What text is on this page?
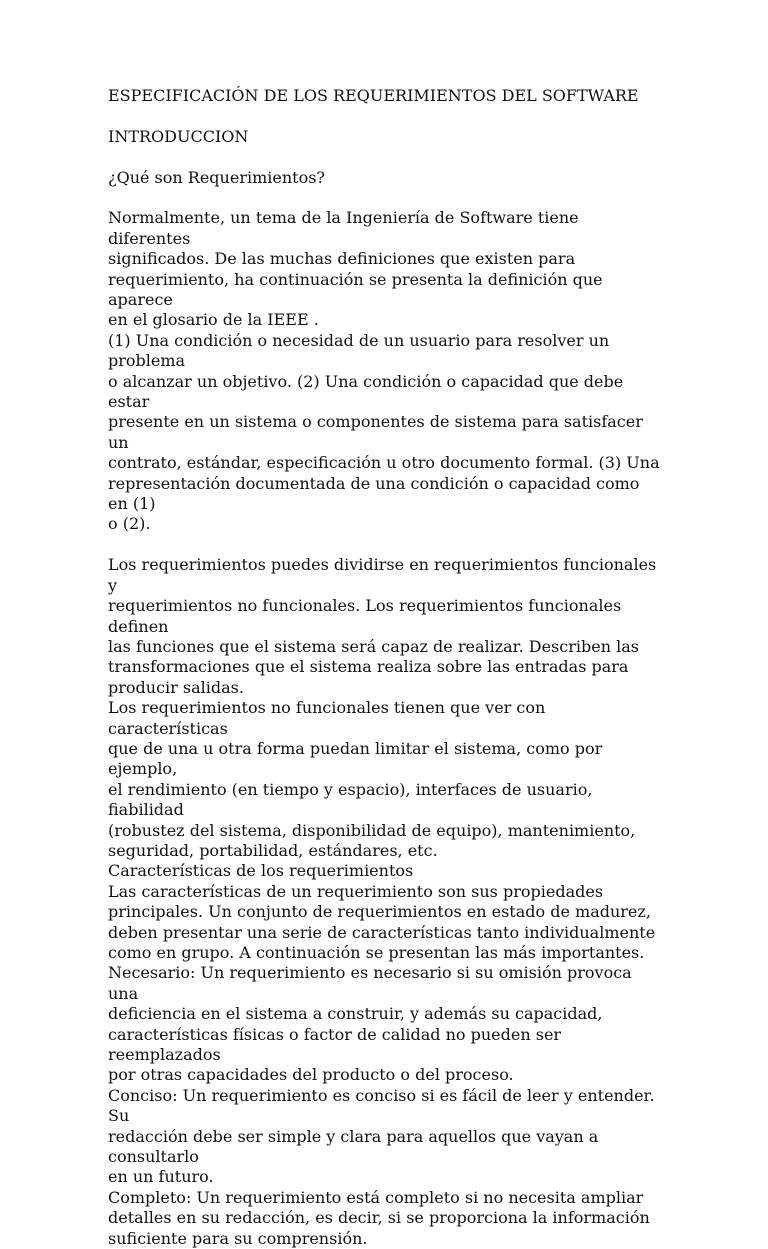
ESPECIFICACIÓN DE LOS REQUERIMIENTOS DEL SOFTWARE

INTRODUCCION

¿Qué son Requerimientos?

Normalmente, un tema de la Ingeniería de Software tiene diferentes
significados. De las muchas definiciones que existen para
requerimiento, ha continuación se presenta la definición que aparece
en el glosario de la IEEE .
(1) Una condición o necesidad de un usuario para resolver un problema
o alcanzar un objetivo. (2) Una condición o capacidad que debe estar
presente en un sistema o componentes de sistema para satisfacer un
contrato, estándar, especificación u otro documento formal. (3) Una
representación documentada de una condición o capacidad como en (1)
o (2).

Los requerimientos puedes dividirse en requerimientos funcionales y
requerimientos no funcionales. Los requerimientos funcionales definen
las funciones que el sistema será capaz de realizar. Describen las
transformaciones que el sistema realiza sobre las entradas para
producir salidas.

Los requerimientos no funcionales tienen que ver con características
que de una u otra forma puedan limitar el sistema, como por ejemplo,
el rendimiento (en tiempo y espacio), interfaces de usuario, fiabilidad
(robustez del sistema, disponibilidad de equipo), mantenimiento,
seguridad, portabilidad, estándares, etc.

Características de los requerimientos

Las características de un requerimiento son sus propiedades
principales. Un conjunto de requerimientos en estado de madurez,
deben presentar una serie de características tanto individualmente
como en grupo. A continuación se presentan las más importantes.

Necesario: Un requerimiento es necesario si su omisión provoca una
deficiencia en el sistema a construir, y además su capacidad,
características físicas o factor de calidad no pueden ser reemplazados
por otras capacidades del producto o del proceso.

Conciso: Un requerimiento es conciso si es fácil de leer y entender. Su
redacción debe ser simple y clara para aquellos que vayan a consultarlo
en un futuro.

Completo: Un requerimiento está completo si no necesita ampliar
detalles en su redacción, es decir, si se proporciona la información
suficiente para su comprensión.
